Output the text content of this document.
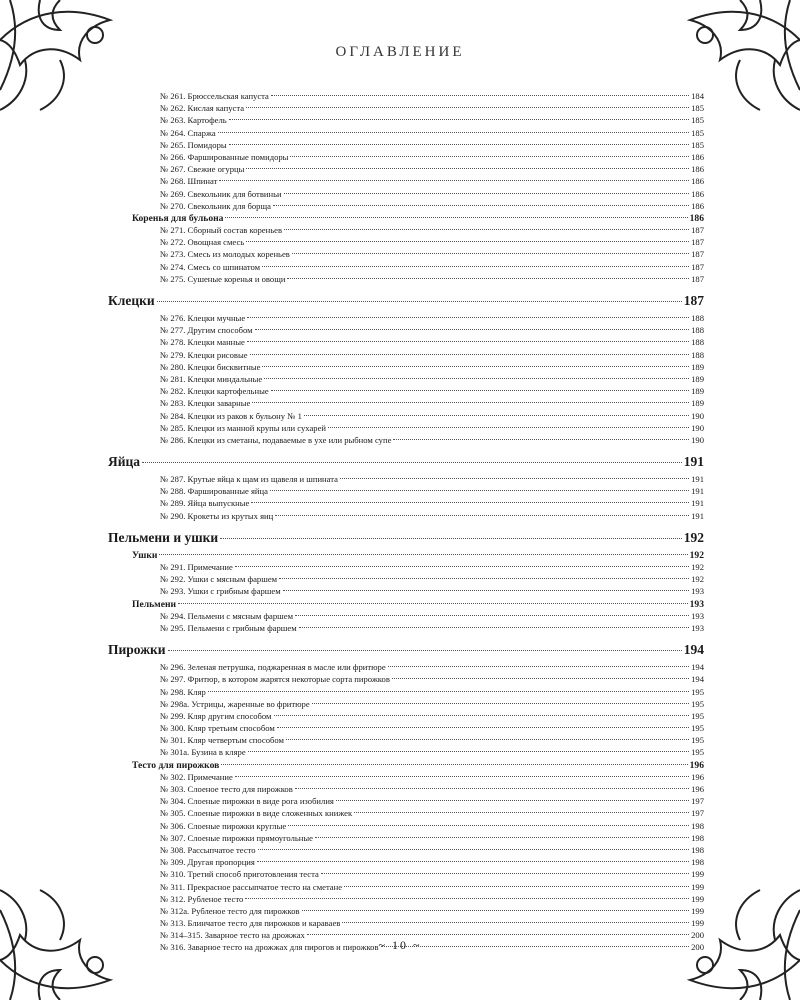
ОГЛАВЛЕНИЕ
№ 261. Брюссельская капуста	184
№ 262. Кислая капуста	185
№ 263. Картофель	185
№ 264. Спаржа	185
№ 265. Помидоры	185
№ 266. Фаршированные помидоры	186
№ 267. Свежие огурцы	186
№ 268. Шпинат	186
№ 269. Свекольник для ботвиньи	186
№ 270. Свекольник для борща	186
Коренья для бульона	186
№ 271. Сборный состав кореньев	187
№ 272. Овощная смесь	187
№ 273. Смесь из молодых кореньев	187
№ 274. Смесь со шпинатом	187
№ 275. Сушеные коренья и овощи	187
Клецки	187
№ 276. Клецки мучные	188
№ 277. Другим способом	188
№ 278. Клецки манные	188
№ 279. Клецки рисовые	188
№ 280. Клецки бисквитные	189
№ 281. Клецки миндальные	189
№ 282. Клецки картофельные	189
№ 283. Клецки заварные	189
№ 284. Клецки из раков к бульону № 1	190
№ 285. Клецки из манной крупы или сухарей	190
№ 286. Клецки из сметаны, подаваемые в ухе или рыбном супе	190
Яйца	191
№ 287. Крутые яйца к щам из щавеля и шпината	191
№ 288. Фаршированные яйца	191
№ 289. Яйца выпускные	191
№ 290. Крокеты из крутых яиц	191
Пельмени и ушки	192
Ушки	192
№ 291. Примечание	192
№ 292. Ушки с мясным фаршем	192
№ 293. Ушки с грибным фаршем	193
Пельмени	193
№ 294. Пельмени с мясным фаршем	193
№ 295. Пельмени с грибным фаршем	193
Пирожки	194
№ 296. Зеленая петрушка, поджаренная в масле или фритюре	194
№ 297. Фритюр, в котором жарятся некоторые сорта пирожков	194
№ 298. Кляр	195
№ 298а. Устрицы, жаренные во фритюре	195
№ 299. Кляр другим способом	195
№ 300. Кляр третьим способом	195
№ 301. Кляр четвертым способом	195
№ 301а. Бузина в кляре	195
Тесто для пирожков	196
№ 302. Примечание	196
№ 303. Слоеное тесто для пирожков	196
№ 304. Слоеные пирожки в виде рога изобилия	197
№ 305. Слоеные пирожки в виде сложенных книжек	197
№ 306. Слоеные пирожки круглые	198
№ 307. Слоеные пирожки прямоугольные	198
№ 308. Рассыпчатое тесто	198
№ 309. Другая пропорция	198
№ 310. Третий способ приготовления теста	199
№ 311. Прекрасное рассыпчатое тесто на сметане	199
№ 312. Рубленое тесто	199
№ 312а. Рубленое тесто для пирожков	199
№ 313. Блинчатое тесто для пирожков и караваев	199
№ 314–315. Заварное тесто на дрожжах	200
№ 316. Заварное тесто на дрожжах для пирогов и пирожков	200
~ 10 ~
